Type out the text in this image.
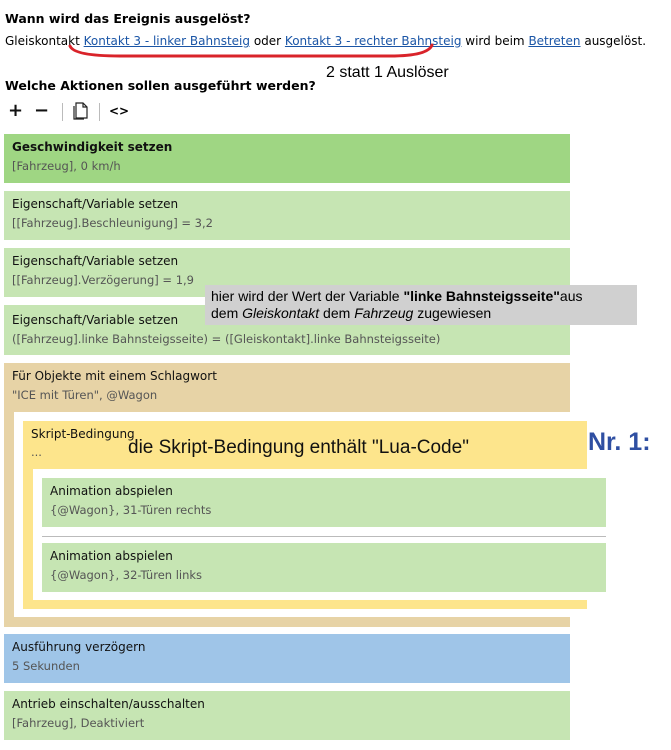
Wann wird das Ereignis ausgelöst?
Gleiskontakt Kontakt 3 - linker Bahnsteig oder Kontakt 3 - rechter Bahnsteig wird beim Betreten ausgelöst.
2 statt 1 Auslöser
Welche Aktionen sollen ausgeführt werden?
+ −	<>
Geschwindigkeit setzen
[Fahrzeug], 0 km/h
Eigenschaft/Variable setzen
[[Fahrzeug].Beschleunigung] = 3,2
Eigenschaft/Variable setzen
[[Fahrzeug].Verzögerung] = 1,9
Eigenschaft/Variable setzen
([Fahrzeug].linke Bahnsteigsseite) = ([Gleiskontakt].linke Bahnsteigsseite)
hier wird der Wert der Variable "linke Bahnsteigsseite"aus
dem Gleiskontakt dem Fahrzeug zugewiesen
Für Objekte mit einem Schlagwort
"ICE mit Türen", @Wagon
Skript-Bedingung
...	die Skript-Bedingung enthält "Lua-Code"
Animation abspielen
{@Wagon}, 31-Türen rechts
Animation abspielen
{@Wagon}, 32-Türen links
Nr. 1:
Ausführung verzögern
5 Sekunden
Antrieb einschalten/ausschalten
[Fahrzeug], Deaktiviert
